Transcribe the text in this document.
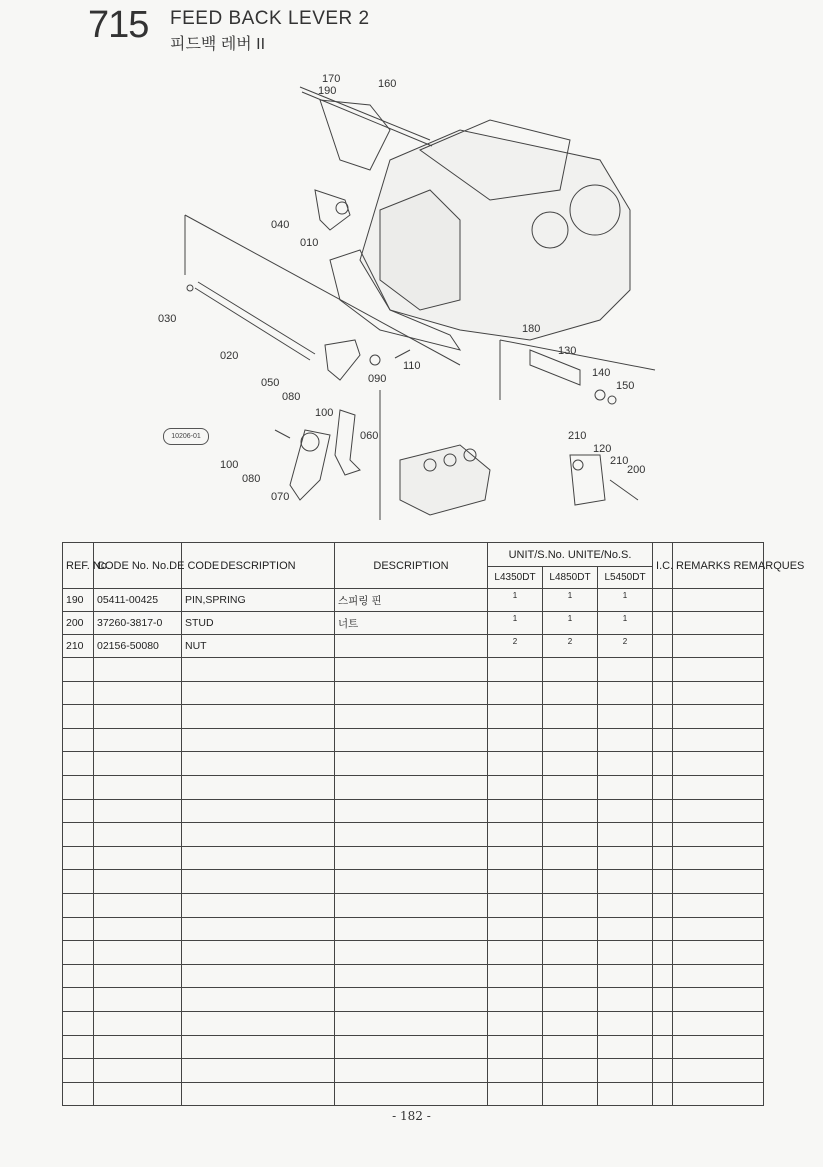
715 FEED BACK LEVER 2
피드백 레버 II
170
190
160
040
010
030
020
050
080
090
110
100
060
100
080
070
180
130
140
150
210
120
210
200
10206-01
REF. No.	CODE No. No.DE CODE	DESCRIPTION	DESCRIPTION	UNIT/S.No. UNITE/No.S.			I.C.	REMARKS REMARQUES
				L4350DT	L4850DT	L5450DT		
190	05411-00425	PIN,SPRING	스피링 핀	1	1	1		
200	37260-3817-0	STUD	너트	1	1	1		
210	02156-50080	NUT		2	2	2		

- 182 -
